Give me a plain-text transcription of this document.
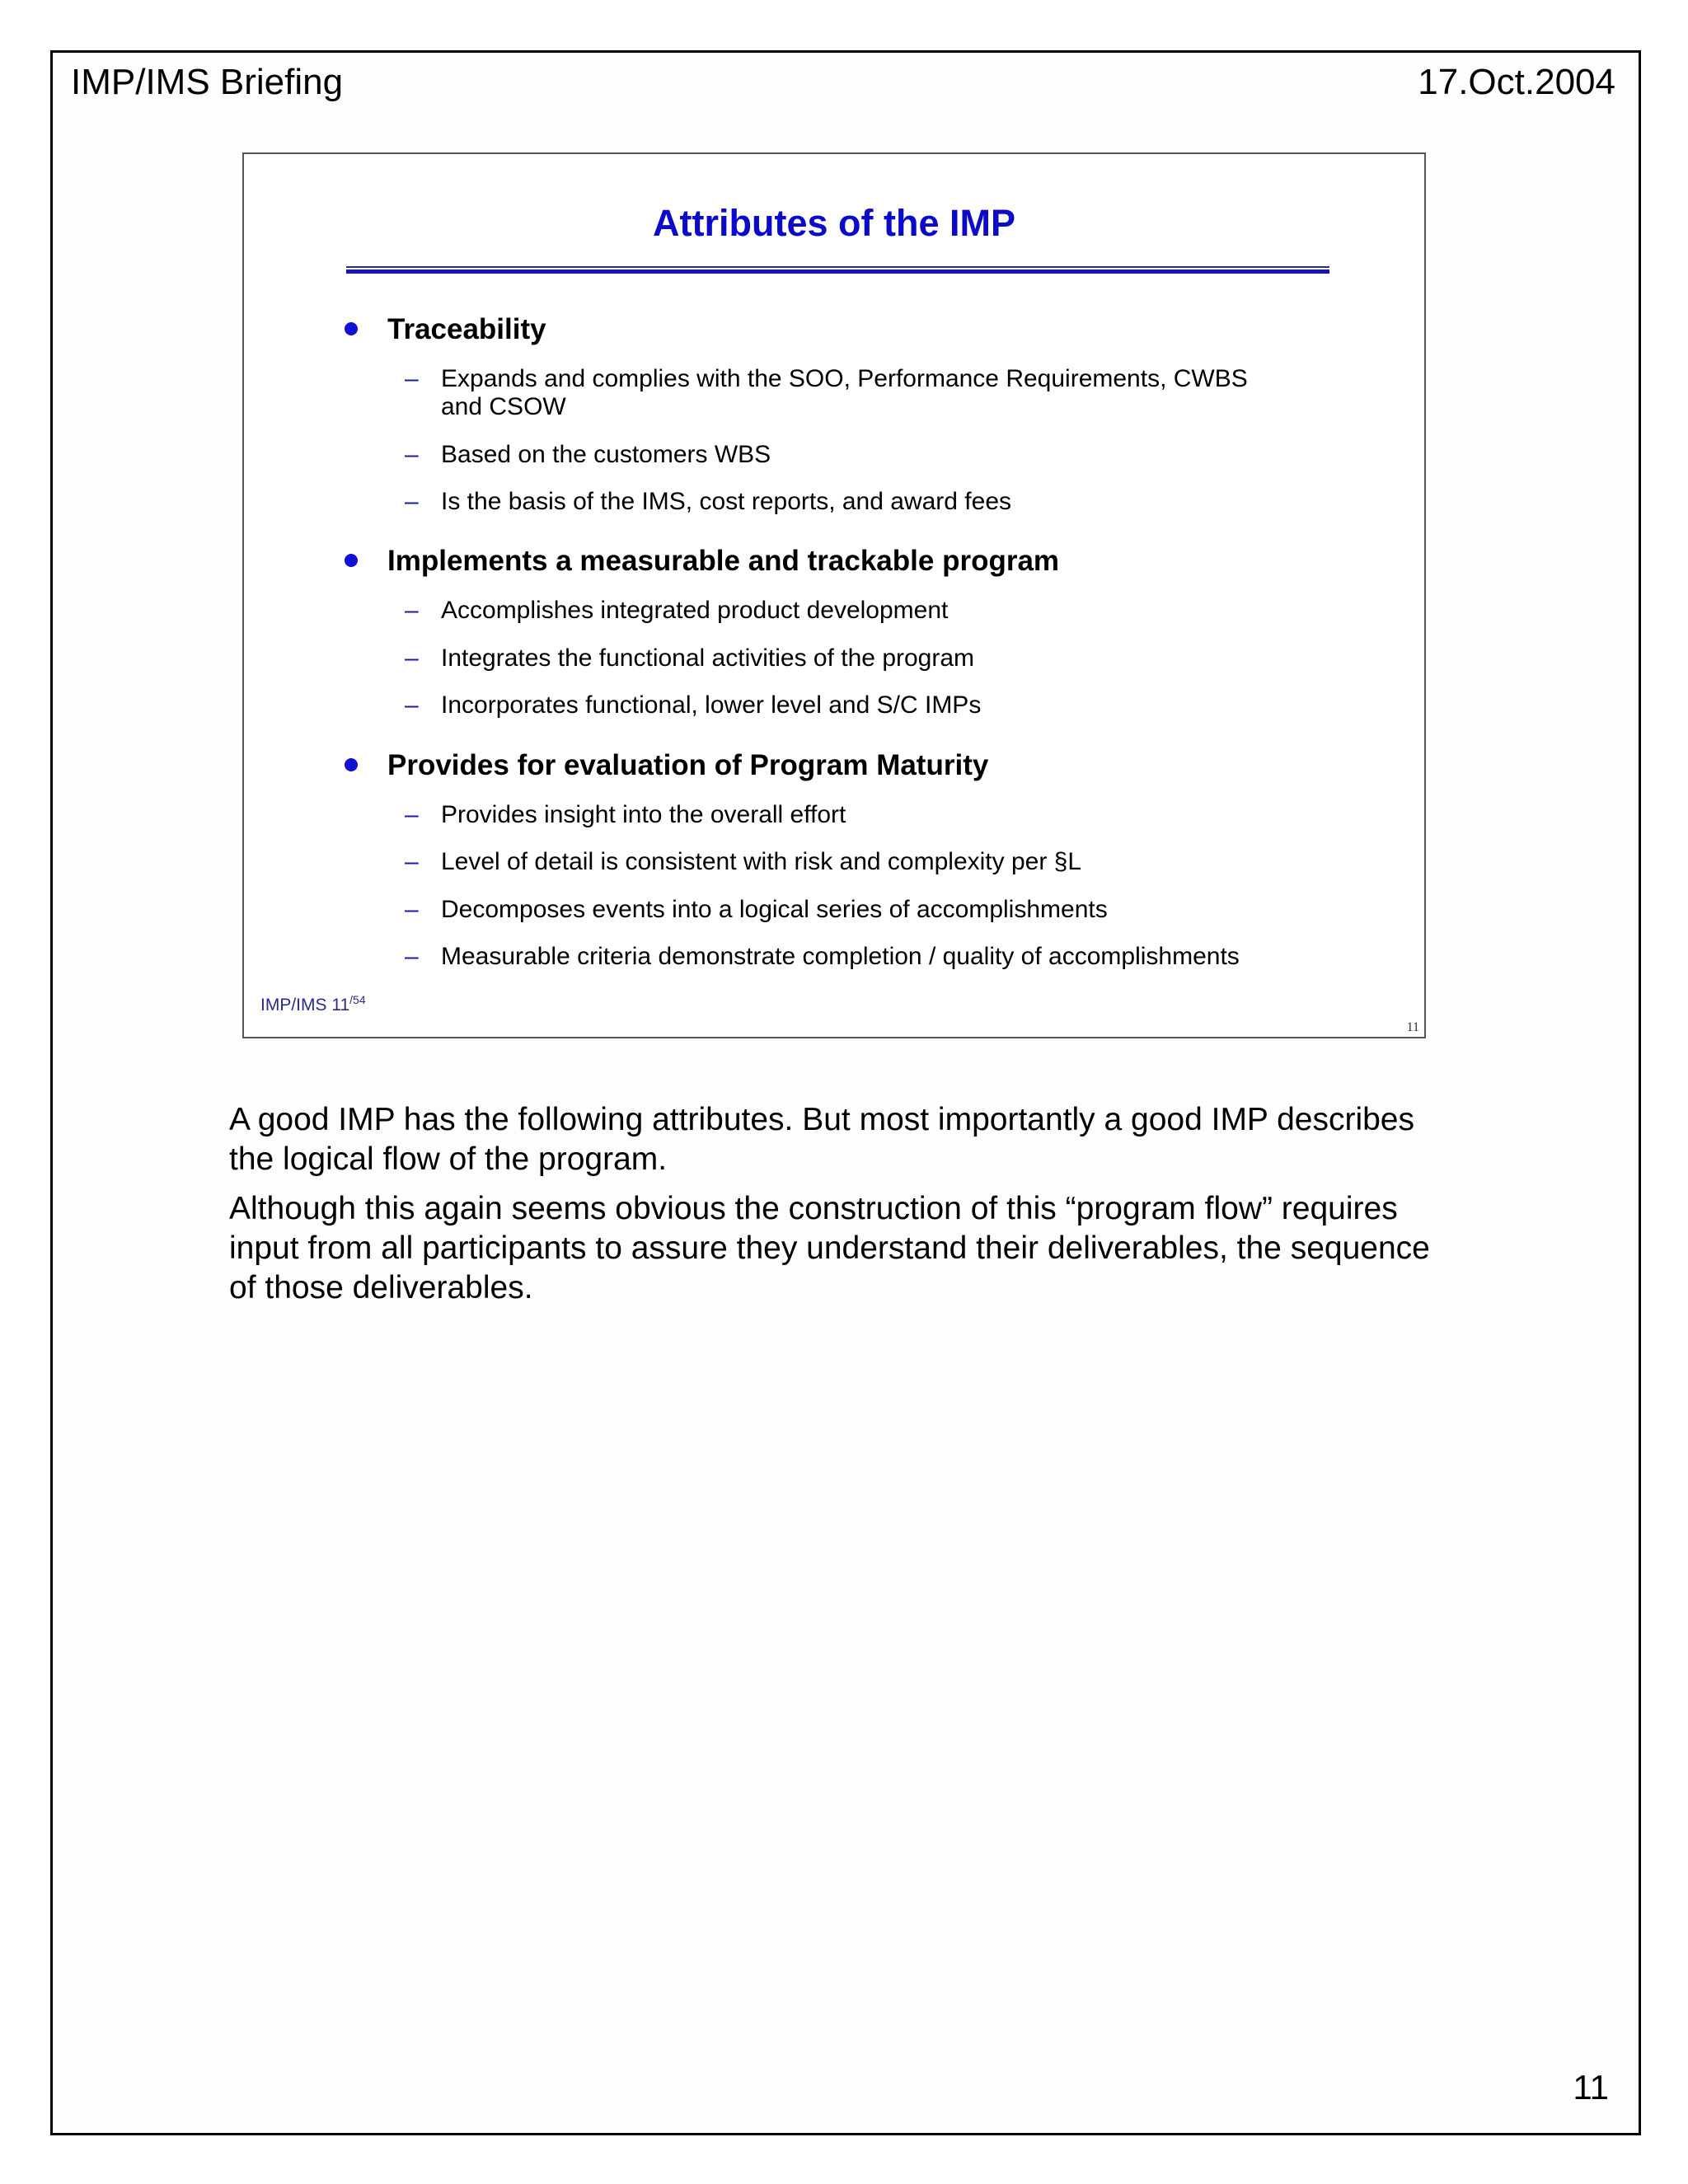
IMP/IMS Briefing	17.Oct.2004
Attributes of the IMP
Traceability
– Expands and complies with the SOO, Performance Requirements, CWBS
and CSOW
– Based on the customers WBS
– Is the basis of the IMS, cost reports, and award fees
Implements a measurable and trackable program
– Accomplishes integrated product development
– Integrates the functional activities of the program
– Incorporates functional, lower level and S/C IMPs
Provides for evaluation of Program Maturity
– Provides insight into the overall effort
– Level of detail is consistent with risk and complexity per §L
– Decomposes events into a logical series of accomplishments
– Measurable criteria demonstrate completion / quality of accomplishments
IMP/IMS $11^{/54}$
11

A good IMP has the following attributes. But most importantly a good IMP describes the logical flow of the program.

Although this again seems obvious the construction of this “program flow” requires input from all participants to assure they understand their deliverables, the sequence of those deliverables.

11
